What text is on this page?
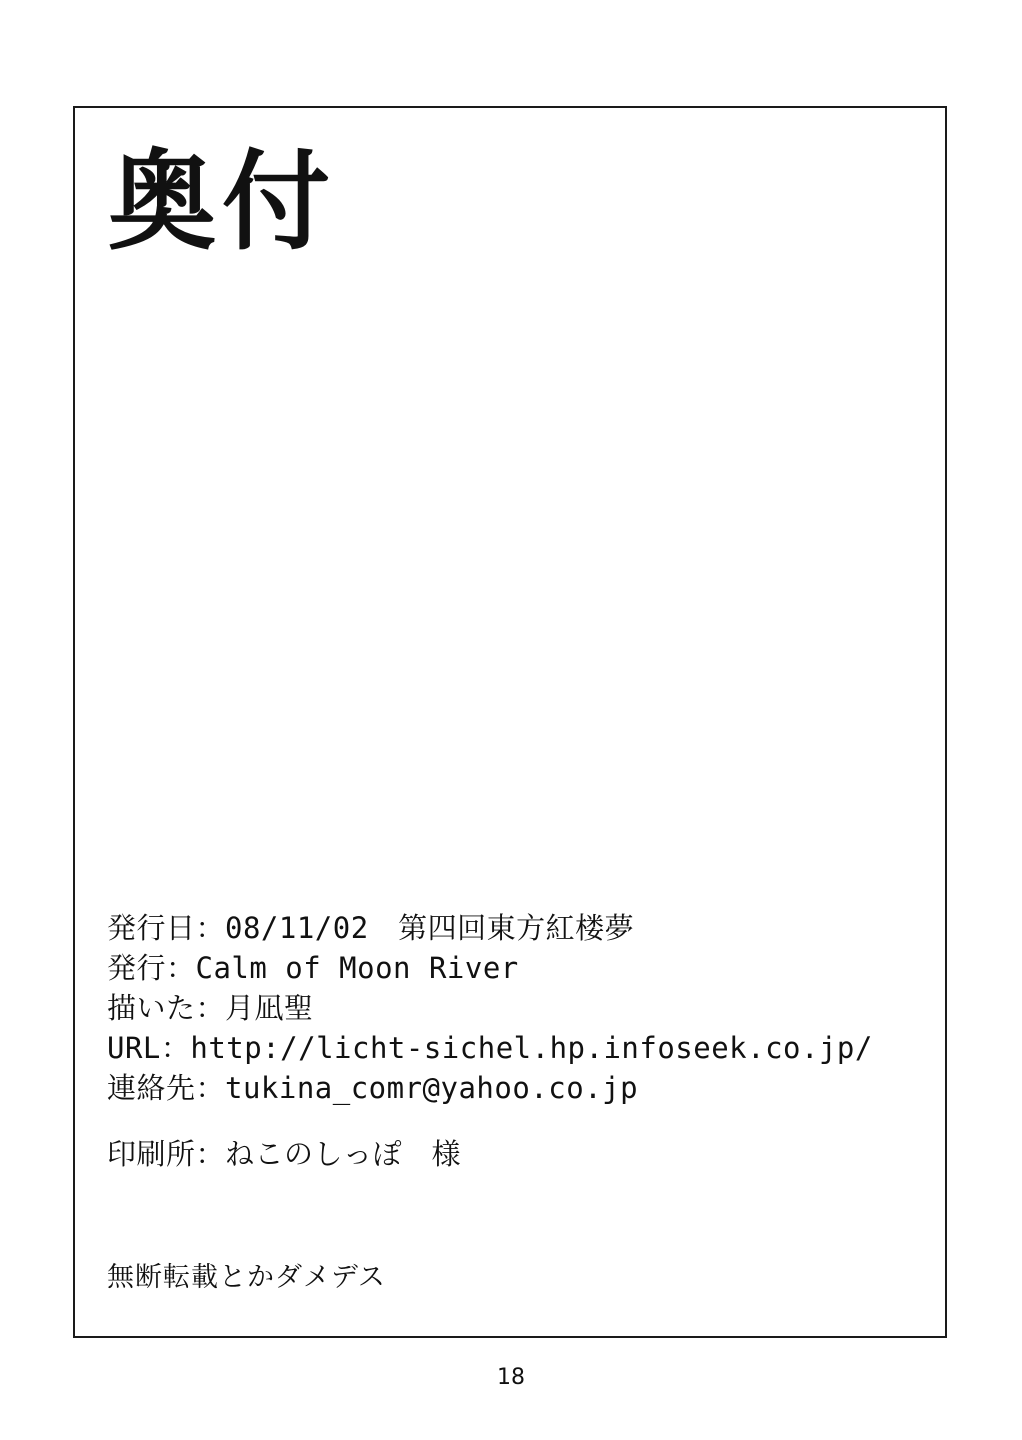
奥付
発行日：08/11/02　第四回東方紅楼夢
発行：Calm of Moon River
描いた：月凪聖
URL：http://licht-sichel.hp.infoseek.co.jp/
連絡先：tukina_comr@yahoo.co.jp
印刷所：ねこのしっぽ　様
無断転載とかダメデス
18
